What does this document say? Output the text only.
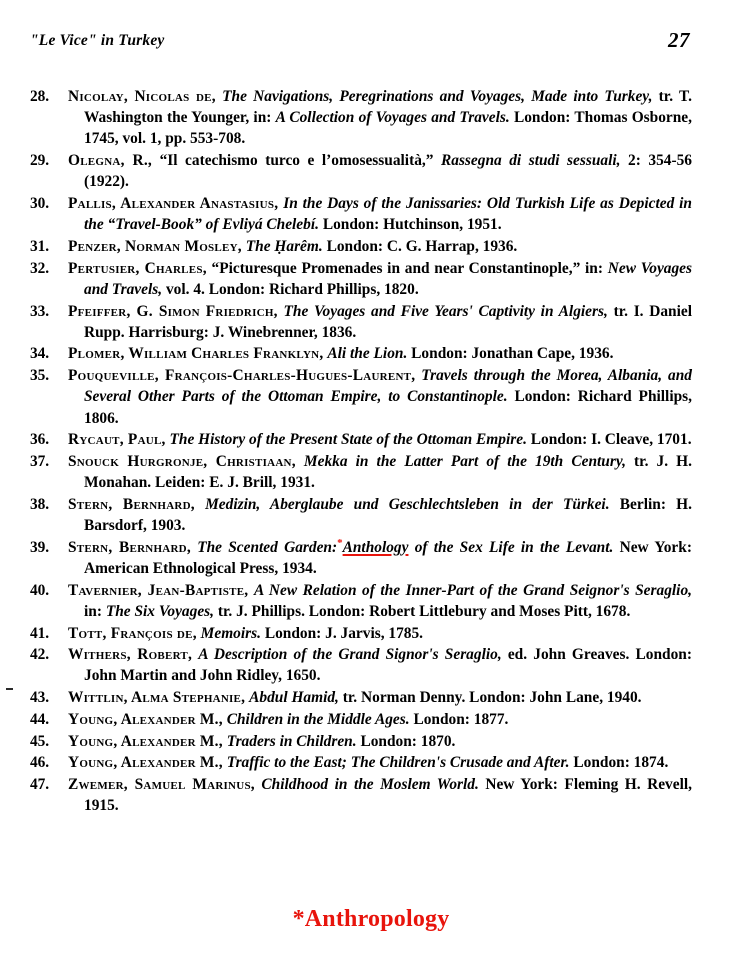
"Le Vice" in Turkey	27
28.	Nicolay, Nicolas de, The Navigations, Peregrinations and Voyages, Made into Turkey, tr. T. Washington the Younger, in: A Collection of Voyages and Travels. London: Thomas Osborne, 1745, vol. 1, pp. 553-708.
29.	Olegna, R., “Il catechismo turco e l’omosessualità,” Rassegna di studi sessuali, 2: 354-56 (1922).
30.	Pallis, Alexander Anastasius, In the Days of the Janissaries: Old Turkish Life as Depicted in the “Travel-Book” of Evliyá Chelebí. London: Hutchinson, 1951.
31.	Penzer, Norman Mosley, The Ḥarêm. London: C. G. Harrap, 1936.
32.	Pertusier, Charles, “Picturesque Promenades in and near Constantinople,” in: New Voyages and Travels, vol. 4. London: Richard Phillips, 1820.
33.	Pfeiffer, G. Simon Friedrich, The Voyages and Five Years' Captivity in Algiers, tr. I. Daniel Rupp. Harrisburg: J. Winebrenner, 1836.
34.	Plomer, William Charles Franklyn, Ali the Lion. London: Jonathan Cape, 1936.
35.	Pouqueville, François-Charles-Hugues-Laurent, Travels through the Morea, Albania, and Several Other Parts of the Ottoman Empire, to Constantinople. London: Richard Phillips, 1806.
36.	Rycaut, Paul, The History of the Present State of the Ottoman Empire. London: I. Cleave, 1701.
37.	Snouck Hurgronje, Christiaan, Mekka in the Latter Part of the 19th Century, tr. J. H. Monahan. Leiden: E. J. Brill, 1931.
38.	Stern, Bernhard, Medizin, Aberglaube und Geschlechtsleben in der Türkei. Berlin: H. Barsdorf, 1903.
39.	Stern, Bernhard, The Scented Garden:*Anthology of the Sex Life in the Levant. New York: American Ethnological Press, 1934.
40.	Tavernier, Jean-Baptiste, A New Relation of the Inner-Part of the Grand Seignor's Seraglio, in: The Six Voyages, tr. J. Phillips. London: Robert Littlebury and Moses Pitt, 1678.
41.	Tott, François de, Memoirs. London: J. Jarvis, 1785.
42.	Withers, Robert, A Description of the Grand Signor's Seraglio, ed. John Greaves. London: John Martin and John Ridley, 1650.
43.	Wittlin, Alma Stephanie, Abdul Hamid, tr. Norman Denny. London: John Lane, 1940.
44.	Young, Alexander M., Children in the Middle Ages. London: 1877.
45.	Young, Alexander M., Traders in Children. London: 1870.
46.	Young, Alexander M., Traffic to the East; The Children's Crusade and After. London: 1874.
47.	Zwemer, Samuel Marinus, Childhood in the Moslem World. New York: Fleming H. Revell, 1915.
*Anthropology
